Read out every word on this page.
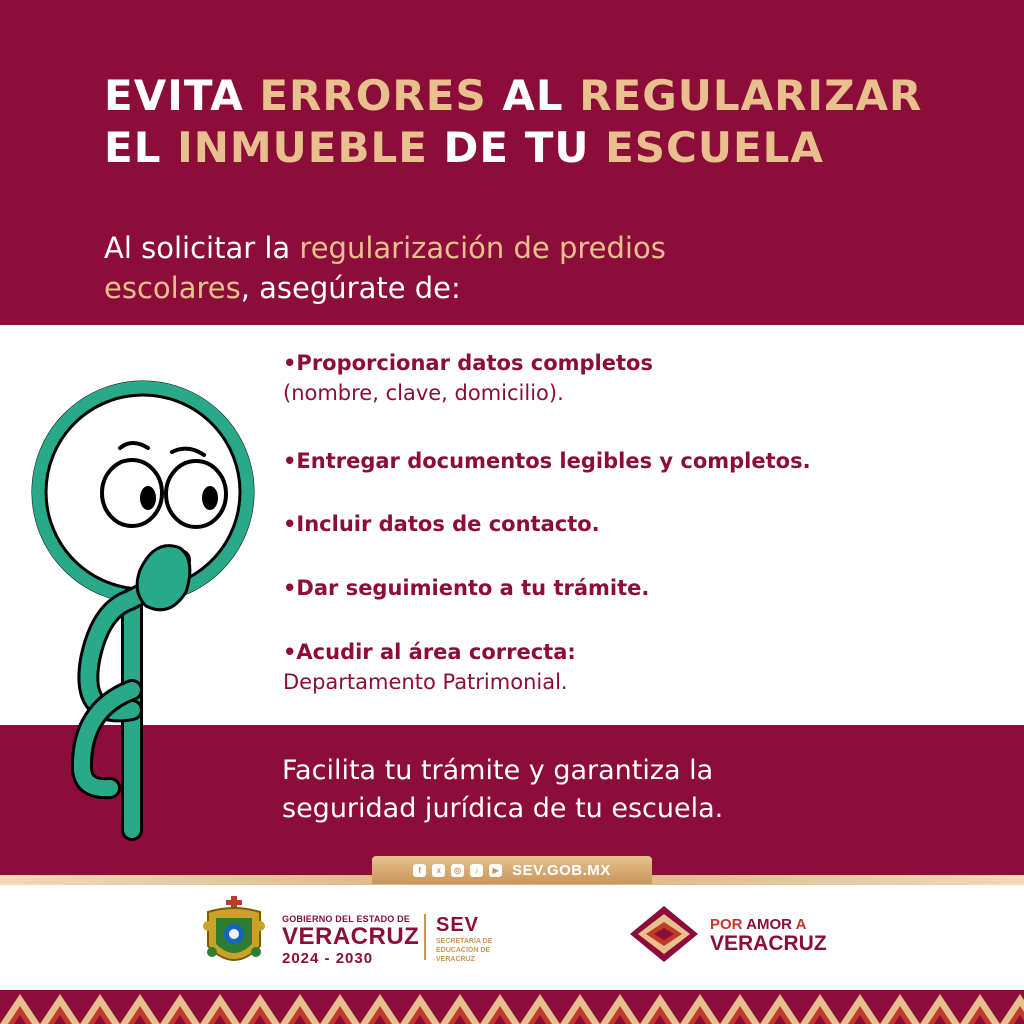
EVITA ERRORES AL REGULARIZAR
EL INMUEBLE DE TU ESCUELA
Al solicitar la regularización de predios
escolares, asegúrate de:
•Proporcionar datos completos
(nombre, clave, domicilio).
•Entregar documentos legibles y completos.
•Incluir datos de contacto.
•Dar seguimiento a tu trámite.
•Acudir al área correcta:
Departamento Patrimonial.
Facilita tu trámite y garantiza la
seguridad jurídica de tu escuela.
f	x	◎	♪	▶ SEV.GOB.MX
GOBIERNO DEL ESTADO DE
VERACRUZ
2024 - 2030
SEV
SECRETARÍA DE EDUCACIÓN DE VERACRUZ
POR AMOR A
VERACRUZ
